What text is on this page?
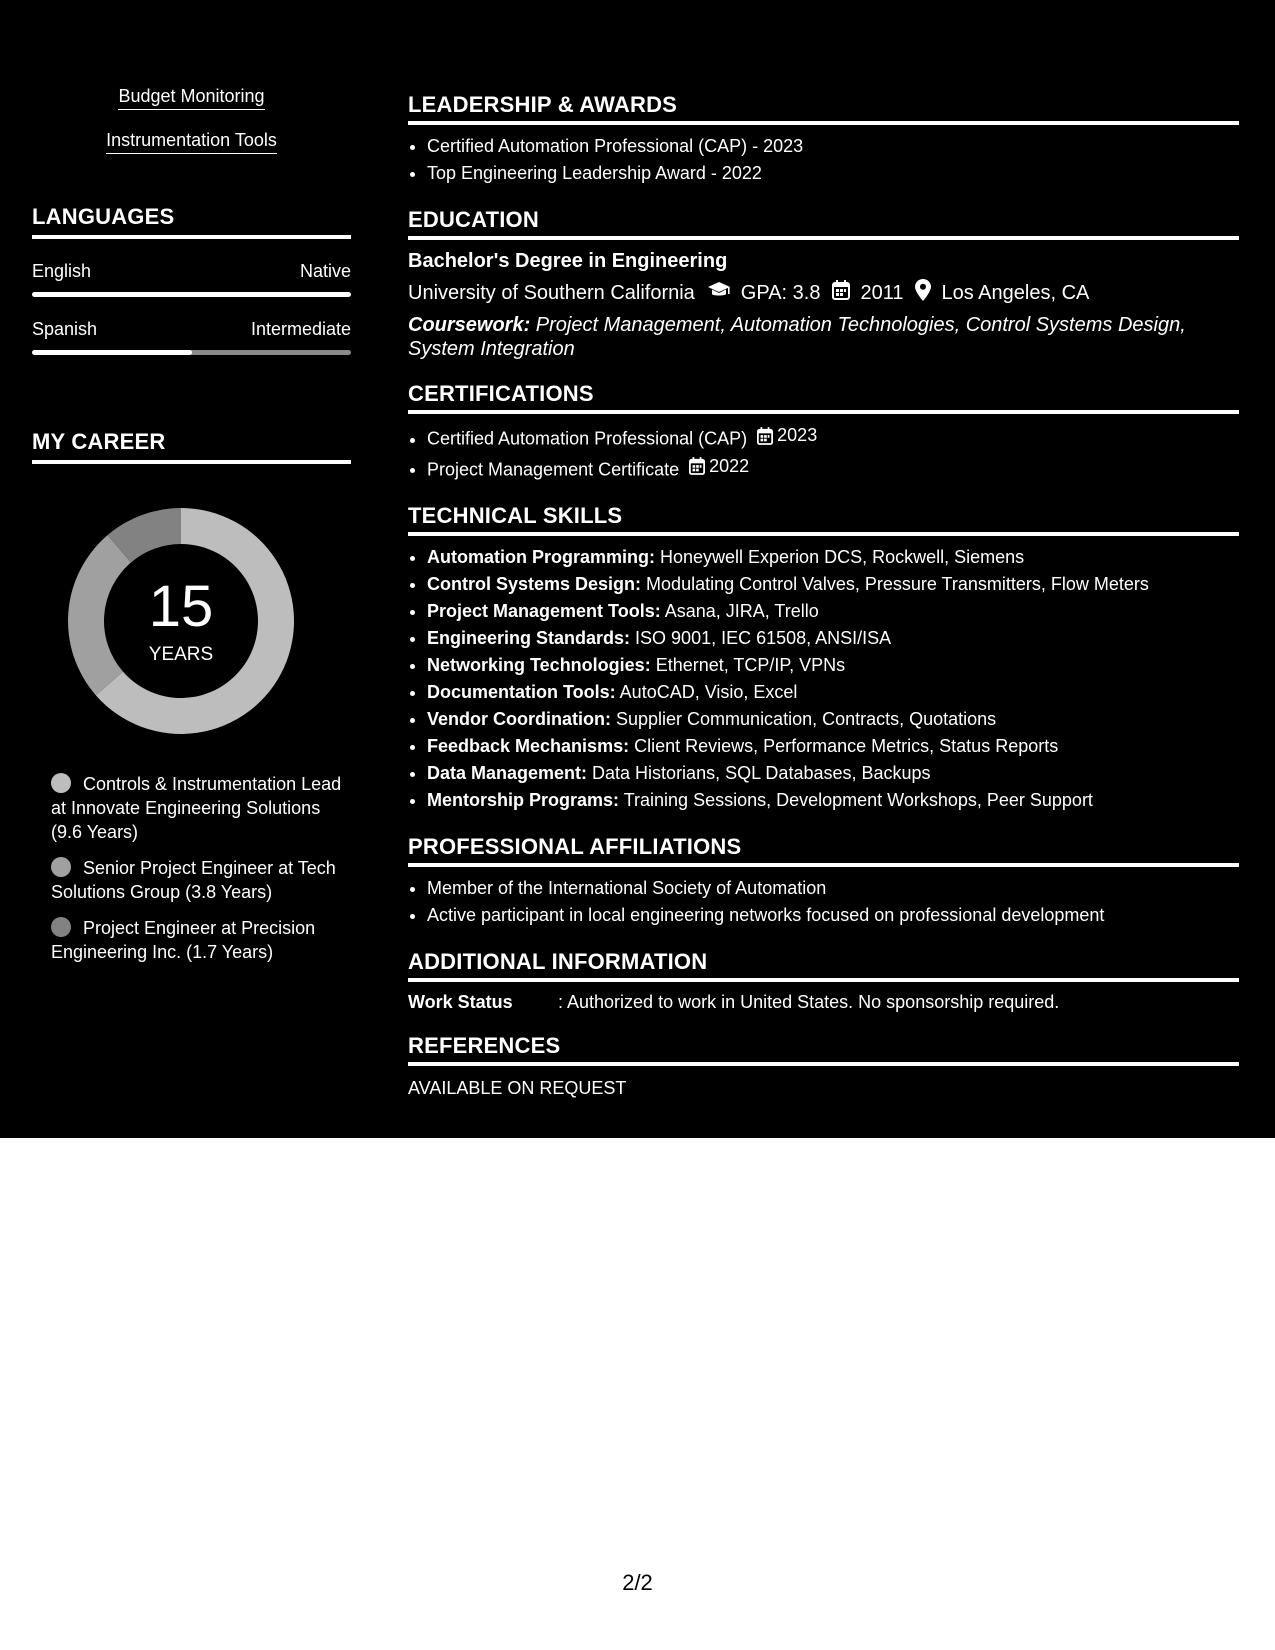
Budget Monitoring
Instrumentation Tools
LANGUAGES
English	Native
Spanish	Intermediate
MY CAREER
15
YEARS
Controls & Instrumentation Lead at Innovate Engineering Solutions (9.6 Years)
Senior Project Engineer at Tech Solutions Group (3.8 Years)
Project Engineer at Precision Engineering Inc. (1.7 Years)
LEADERSHIP & AWARDS
• Certified Automation Professional (CAP) - 2023
• Top Engineering Leadership Award - 2022
EDUCATION
Bachelor's Degree in Engineering
University of Southern California GPA: 3.8 2011 Los Angeles, CA
Coursework: Project Management, Automation Technologies, Control Systems Design, System Integration
CERTIFICATIONS
• Certified Automation Professional (CAP) 2023
• Project Management Certificate 2022
TECHNICAL SKILLS
• Automation Programming: Honeywell Experion DCS, Rockwell, Siemens
• Control Systems Design: Modulating Control Valves, Pressure Transmitters, Flow Meters
• Project Management Tools: Asana, JIRA, Trello
• Engineering Standards: ISO 9001, IEC 61508, ANSI/ISA
• Networking Technologies: Ethernet, TCP/IP, VPNs
• Documentation Tools: AutoCAD, Visio, Excel
• Vendor Coordination: Supplier Communication, Contracts, Quotations
• Feedback Mechanisms: Client Reviews, Performance Metrics, Status Reports
• Data Management: Data Historians, SQL Databases, Backups
• Mentorship Programs: Training Sessions, Development Workshops, Peer Support
PROFESSIONAL AFFILIATIONS
• Member of the International Society of Automation
• Active participant in local engineering networks focused on professional development
ADDITIONAL INFORMATION
Work Status	: Authorized to work in United States. No sponsorship required.
REFERENCES
AVAILABLE ON REQUEST
2/2
